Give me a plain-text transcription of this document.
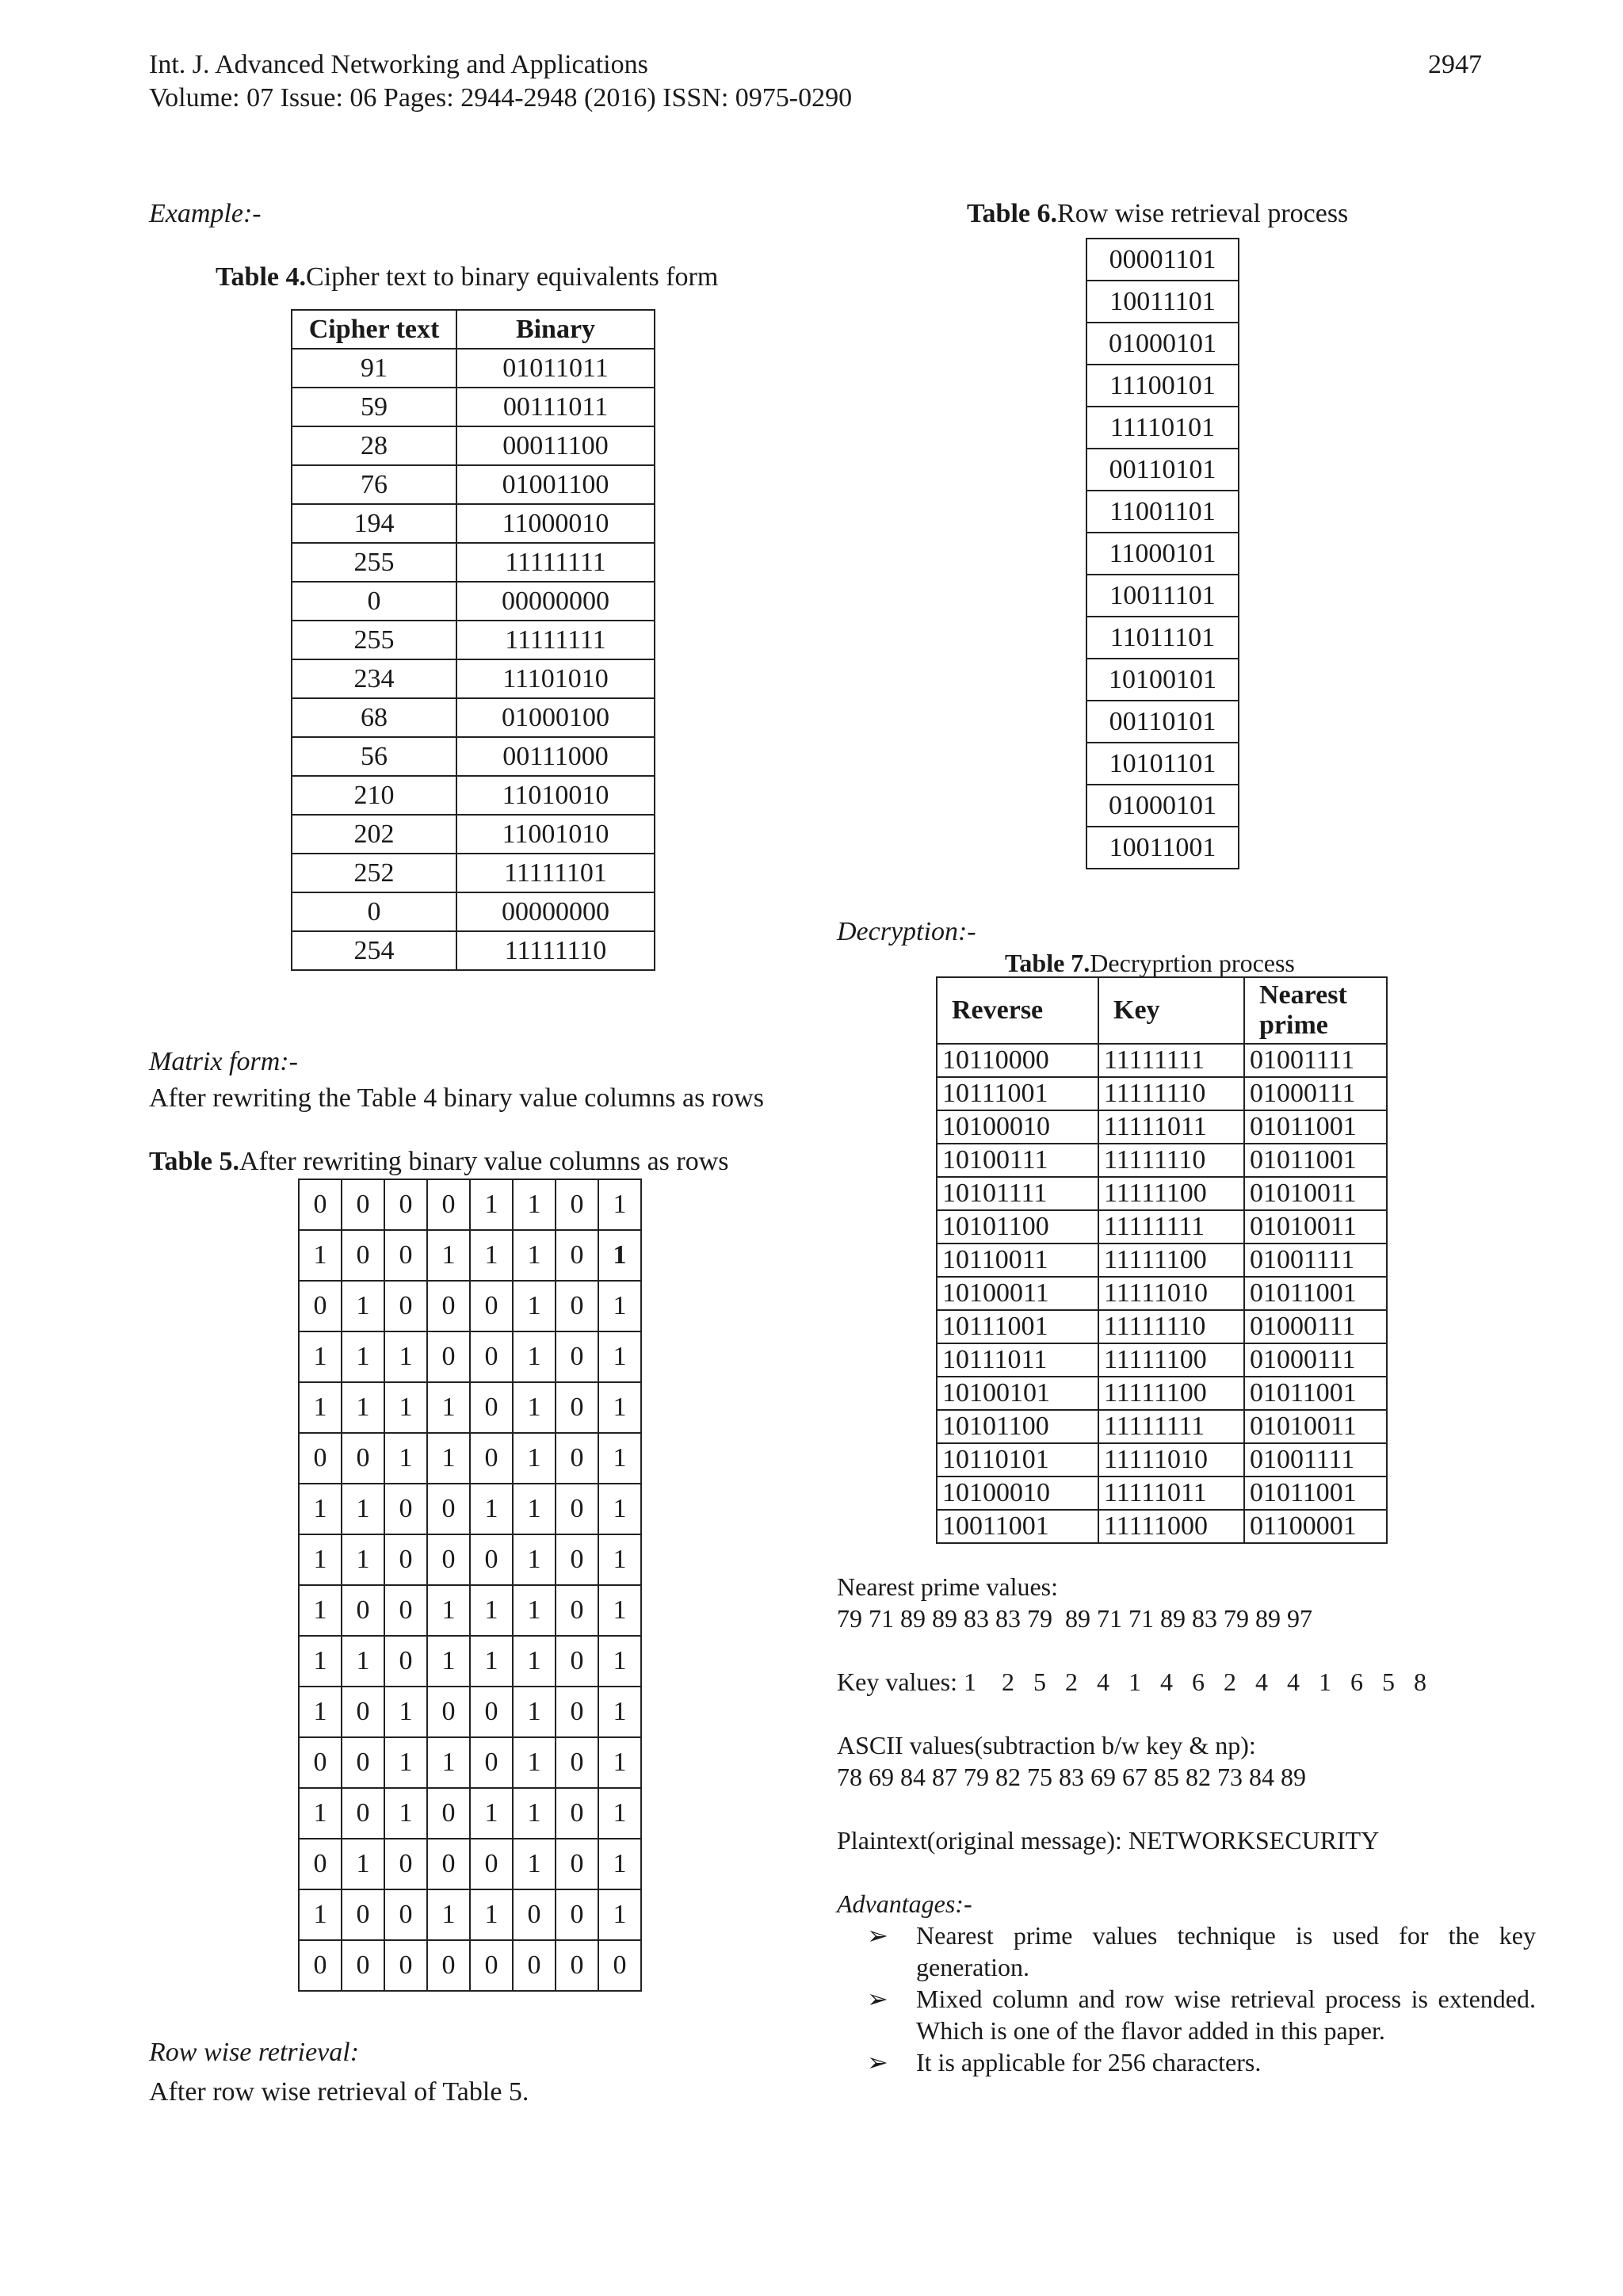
Int. J. Advanced Networking and Applications
Volume: 07 Issue: 06 Pages: 2944-2948 (2016) ISSN: 0975-0290
2947
Example:-
Table 4.Cipher text to binary equivalents form
Cipher text	Binary
91	01011011
59	00111011
28	00011100
76	01001100
194	11000010
255	11111111
0	00000000
255	11111111
234	11101010
68	01000100
56	00111000
210	11010010
202	11001010
252	11111101
0	00000000
254	11111110
Matrix form:-
After rewriting the Table 4 binary value columns as rows
Table 5.After rewriting binary value columns as rows
0	0	0	0	1	1	0	1
1	0	0	1	1	1	0	1
0	1	0	0	0	1	0	1
1	1	1	0	0	1	0	1
1	1	1	1	0	1	0	1
0	0	1	1	0	1	0	1
1	1	0	0	1	1	0	1
1	1	0	0	0	1	0	1
1	0	0	1	1	1	0	1
1	1	0	1	1	1	0	1
1	0	1	0	0	1	0	1
0	0	1	1	0	1	0	1
1	0	1	0	1	1	0	1
0	1	0	0	0	1	0	1
1	0	0	1	1	0	0	1
0	0	0	0	0	0	0	0
Row wise retrieval:
After row wise retrieval of Table 5.
Table 6.Row wise retrieval process
00001101
10011101
01000101
11100101
11110101
00110101
11001101
11000101
10011101
11011101
10100101
00110101
10101101
01000101
10011001
Decryption:-
Table 7.Decryprtion process
Reverse	Key	Nearest prime
10110000	11111111	01001111
10111001	11111110	01000111
10100010	11111011	01011001
10100111	11111110	01011001
10101111	11111100	01010011
10101100	11111111	01010011
10110011	11111100	01001111
10100011	11111010	01011001
10111001	11111110	01000111
10111011	11111100	01000111
10100101	11111100	01011001
10101100	11111111	01010011
10110101	11111010	01001111
10100010	11111011	01011001
10011001	11111000	01100001
Nearest prime values:
79 71 89 89 83 83 79  89 71 71 89 83 79 89 97
Key values: 1    2   5   2   4   1   4   6   2   4   4   1   6   5   8
ASCII values(subtraction b/w key & np):
78 69 84 87 79 82 75 83 69 67 85 82 73 84 89
Plaintext(original message): NETWORKSECURITY
Advantages:-
➢	Nearest prime values technique is used for the key generation.
➢	Mixed column and row wise retrieval process is extended. Which is one of the flavor added in this paper.
➢	It is applicable for 256 characters.
